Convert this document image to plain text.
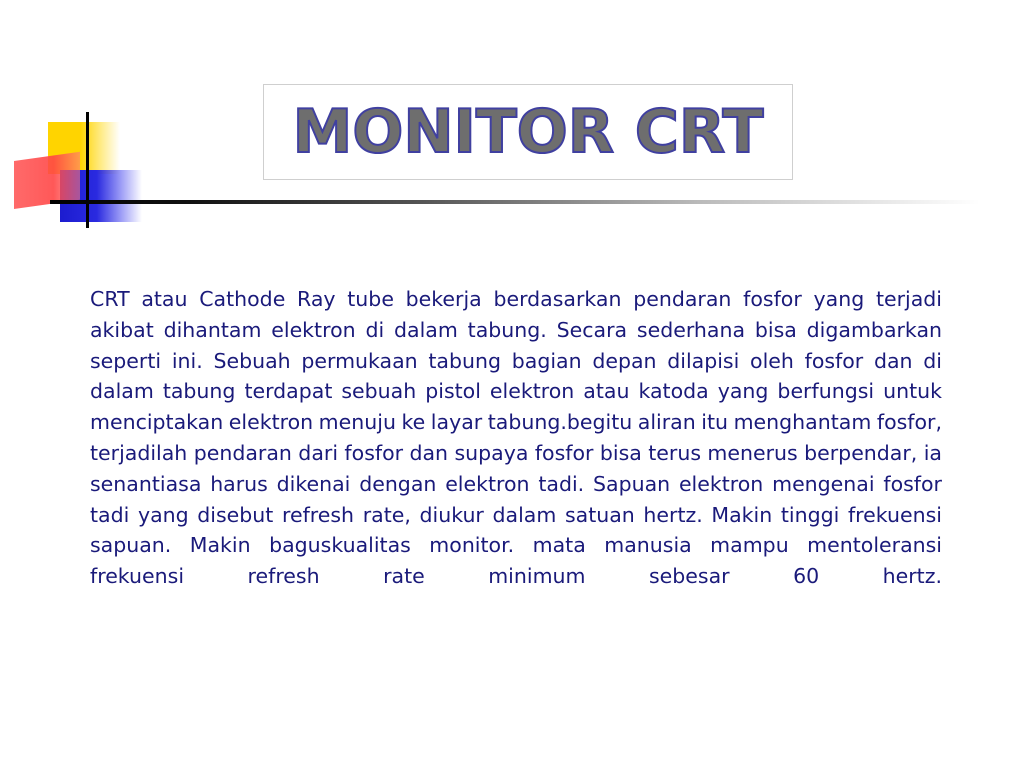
MONITOR CRT

CRT atau Cathode Ray tube bekerja berdasarkan pendaran fosfor yang terjadi akibat dihantam elektron di dalam tabung. Secara sederhana bisa digambarkan seperti ini. Sebuah permukaan tabung bagian depan dilapisi oleh fosfor dan di dalam tabung terdapat sebuah pistol elektron atau katoda yang berfungsi untuk menciptakan elektron menuju ke layar tabung.begitu aliran itu menghantam fosfor, terjadilah pendaran dari fosfor dan supaya fosfor bisa terus menerus berpendar, ia senantiasa harus dikenai dengan elektron tadi. Sapuan elektron mengenai fosfor tadi yang disebut refresh rate, diukur dalam satuan hertz. Makin tinggi frekuensi sapuan. Makin baguskualitas monitor. mata manusia mampu mentoleransi frekuensi refresh rate minimum sebesar 60 hertz.
